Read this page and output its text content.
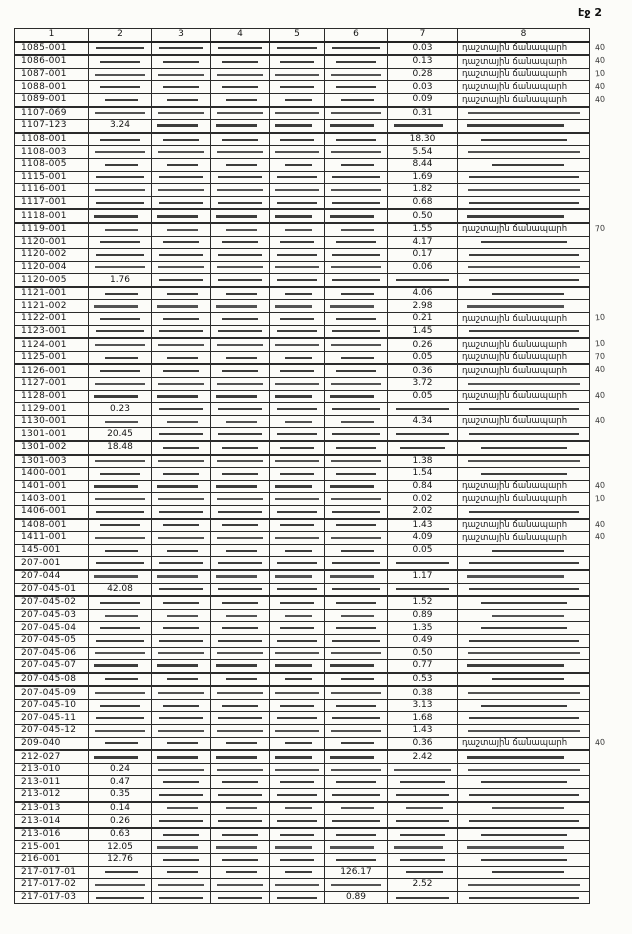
էջ 2
1	2	3	4	5	6	7	8	
1085-001						0.03	դաշտային ճանապարհ	40
1086-001						0.13	դաշտային ճանապարհ	40
1087-001						0.28	դաշտային ճանապարհ	10
1088-001						0.03	դաշտային ճանապարհ	40
1089-001						0.09	դաշտային ճանապարհ	40
1107-069						0.31	

1107-123	3.24	

1108-001						18.30	

1108-003						5.54	

1108-005						8.44	

1115-001						1.69	

1116-001						1.82	

1117-001						0.68	

1118-001						0.50	

1119-001						1.55	դաշտային ճանապարհ	70
1120-001						4.17	

1120-002						0.17	

1120-004						0.06	

1120-005	1.76	

1121-001						4.06	

1121-002						2.98	

1122-001						0.21	դաշտային ճանապարհ	10
1123-001						1.45	

1124-001						0.26	դաշտային ճանապարհ	10
1125-001						0.05	դաշտային ճանապարհ	70
1126-001						0.36	դաշտային ճանապարհ	40
1127-001						3.72	

1128-001						0.05	դաշտային ճանապարհ	40
1129-001	0.23	

1130-001						4.34	դաշտային ճանապարհ	40
1301-001	20.45	

1301-002	18.48	

1301-003						1.38	

1400-001						1.54	

1401-001						0.84	դաշտային ճանապարհ	40
1403-001						0.02	դաշտային ճանապարհ	10
1406-001						2.02	

1408-001						1.43	դաշտային ճանապարհ	40
1411-001						4.09	դաշտային ճանապարհ	40
145-001						0.05	

207-001	

207-044						1.17	

207-045-01	42.08	

207-045-02						1.52	

207-045-03						0.89	

207-045-04						1.35	

207-045-05						0.49	

207-045-06						0.50	

207-045-07						0.77	

207-045-08						0.53	

207-045-09						0.38	

207-045-10						3.13	

207-045-11						1.68	

207-045-12						1.43	

209-040						0.36	դաշտային ճանապարհ	40
212-027						2.42	

213-010	0.24	

213-011	0.47	

213-012	0.35	

213-013	0.14	

213-014	0.26	

213-016	0.63	

215-001	12.05	

216-001	12.76	

217-017-01					126.17	

217-017-02						2.52	

217-017-03					0.89	
